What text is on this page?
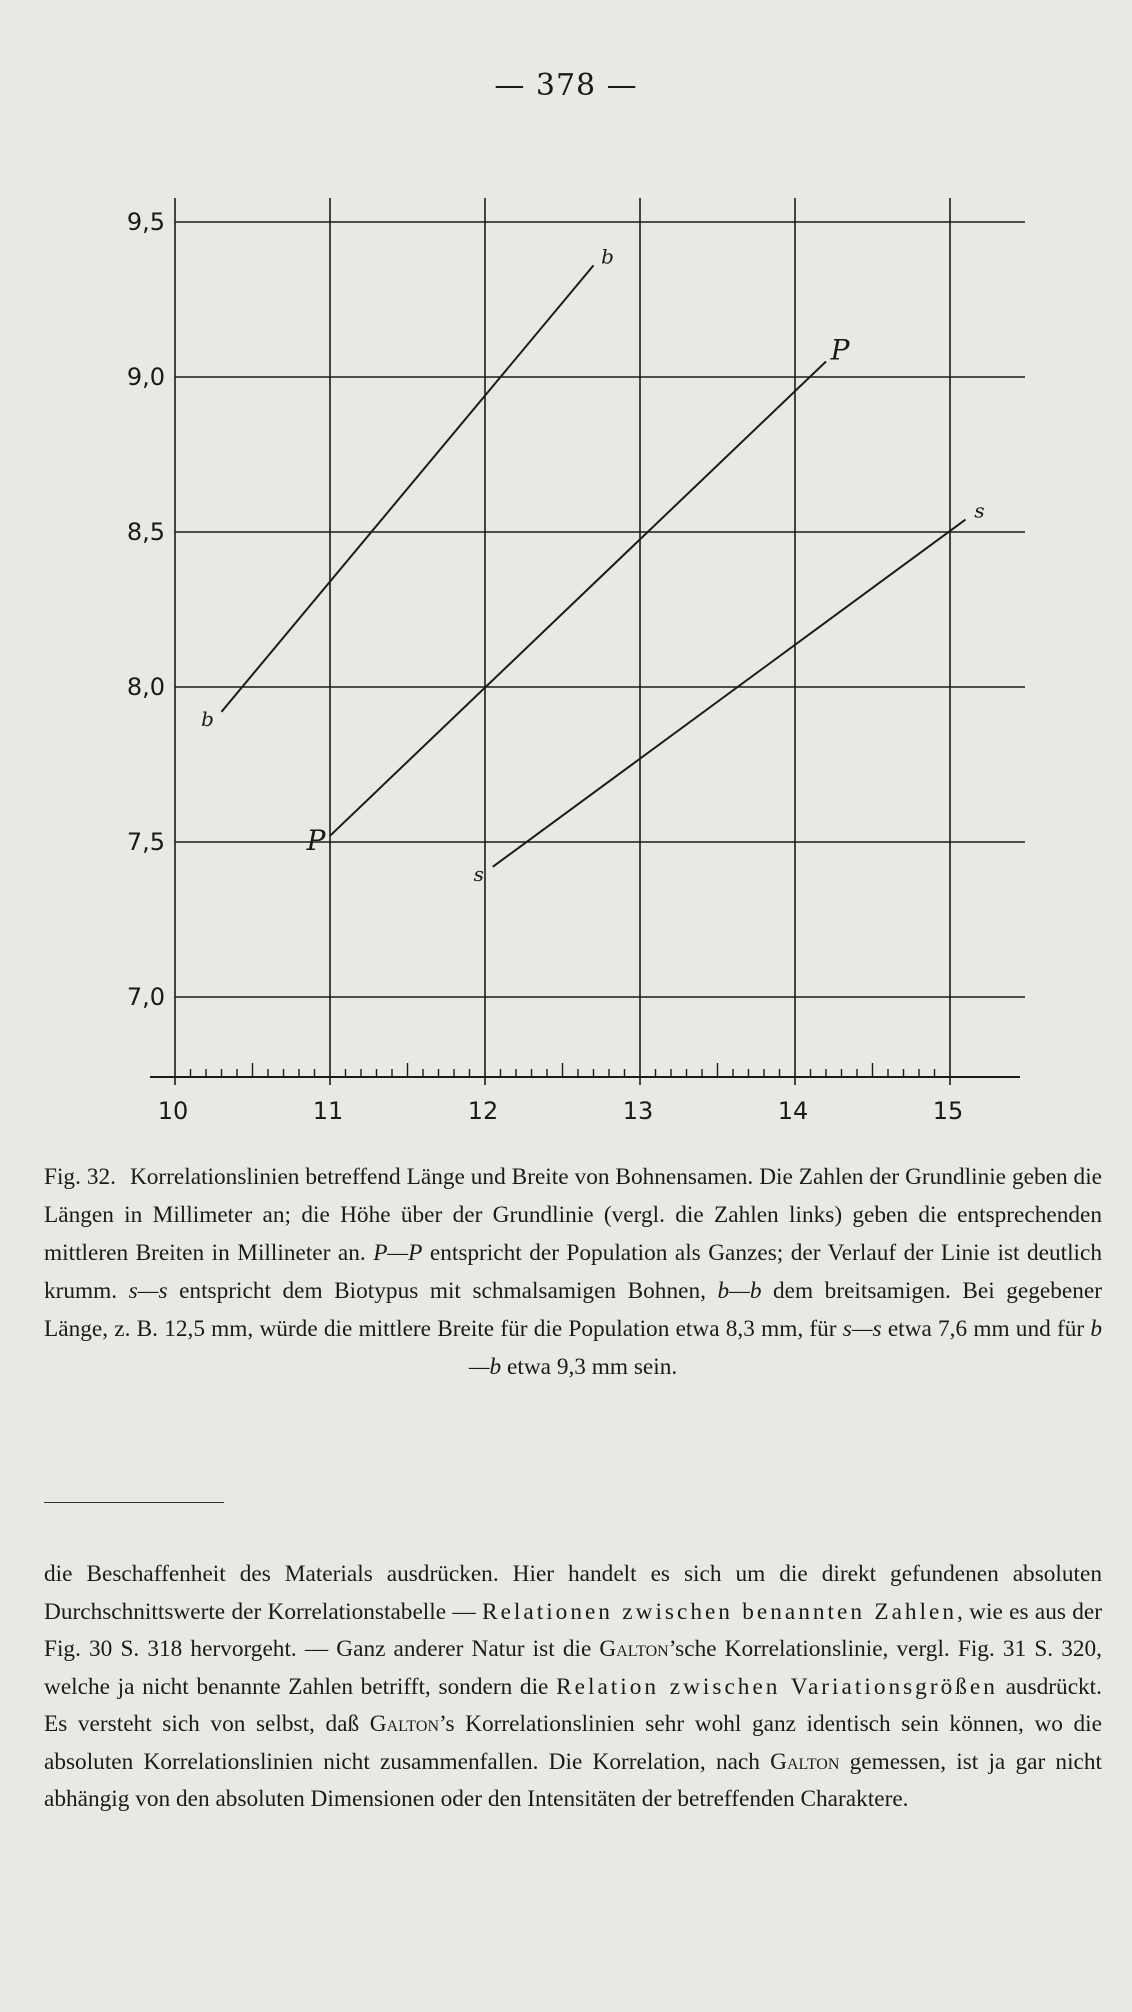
— 378 —
10	11	12	13	14	15
9,5
9,0
8,5
8,0
7,5
7,0
b
b
P
P
s
s
Fig. 32. Korrelationslinien betreffend Länge und Breite von Bohnensamen. Die Zahlen der Grundlinie geben die Längen in Millimeter an; die Höhe über der Grundlinie (vergl. die Zahlen links) geben die entsprechenden mittleren Breiten in Millineter an. P—P entspricht der Population als Ganzes; der Verlauf der Linie ist deutlich krumm. s—s entspricht dem Biotypus mit schmalsamigen Bohnen, b—b dem breitsamigen. Bei gegebener Länge, z. B. 12,5 mm, würde die mittlere Breite für die Population etwa 8,3 mm, für s—s etwa 7,6 mm und für b—b etwa 9,3 mm sein.
die Beschaffenheit des Materials ausdrücken. Hier handelt es sich um die direkt gefundenen absoluten Durchschnittswerte der Korrelationstabelle — Relationen zwischen benannten Zahlen, wie es aus der Fig. 30 S. 318 hervorgeht. — Ganz anderer Natur ist die Galton’sche Korrelationslinie, vergl. Fig. 31 S. 320, welche ja nicht benannte Zahlen betrifft, sondern die Relation zwischen Variationsgrößen ausdrückt. Es versteht sich von selbst, daß Galton’s Korrelationslinien sehr wohl ganz identisch sein können, wo die absoluten Korrelationslinien nicht zusammenfallen. Die Korrelation, nach Galton gemessen, ist ja gar nicht abhängig von den absoluten Dimensionen oder den Intensitäten der betreffenden Charaktere.
